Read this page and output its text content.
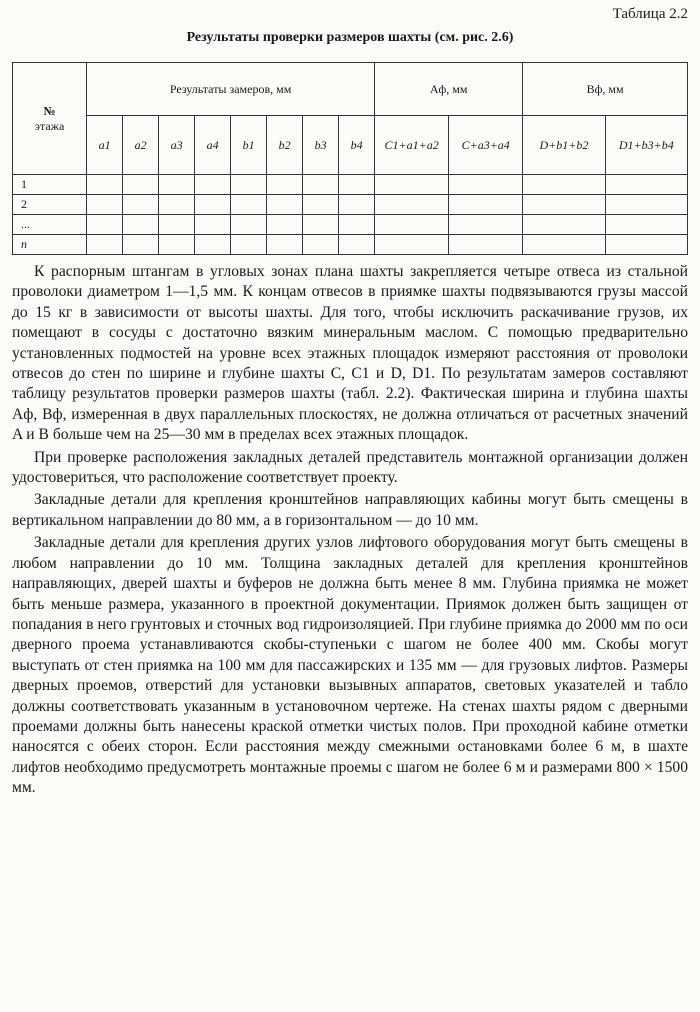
Таблица 2.2
Результаты проверки размеров шахты (см. рис. 2.6)
№
этажа	Результаты замеров, мм								Aф, мм		Bф, мм	
	a1	a2	a3	a4	b1	b2	b3	b4	C1+a1+a2	C+a3+a4	D+b1+b2	D1+b3+b4
1												
2												
...												
n												

К распорным штангам в угловых зонах плана шахты закрепляется четыре отвеса из стальной проволоки диаметром 1—1,5 мм. К концам отвесов в приямке шахты подвязываются грузы массой до 15 кг в зависимости от высоты шахты. Для того, чтобы исключить раскачивание грузов, их помещают в сосуды с достаточно вязким минеральным маслом. С помощью предварительно установленных подмостей на уровне всех этажных площадок измеряют расстояния от проволоки отвесов до стен по ширине и глубине шахты C, C1 и D, D1. По результатам замеров составляют таблицу результатов проверки размеров шахты (табл. 2.2). Фактическая ширина и глубина шахты Aф, Bф, измеренная в двух параллельных плоскостях, не должна отличаться от расчетных значений A и B больше чем на 25—30 мм в пределах всех этажных площадок.

При проверке расположения закладных деталей представитель монтажной организации должен удостовериться, что расположение соответствует проекту.

Закладные детали для крепления кронштейнов направляющих кабины могут быть смещены в вертикальном направлении до 80 мм, а в горизонтальном — до 10 мм.

Закладные детали для крепления других узлов лифтового оборудования могут быть смещены в любом направлении до 10 мм. Толщина закладных деталей для крепления кронштейнов направляющих, дверей шахты и буферов не должна быть менее 8 мм. Глубина приямка не может быть меньше размера, указанного в проектной документации. Приямок должен быть защищен от попадания в него грунтовых и сточных вод гидроизоляцией. При глубине приямка до 2000 мм по оси дверного проема устанавливаются скобы-ступеньки с шагом не более 400 мм. Скобы могут выступать от стен приямка на 100 мм для пассажирских и 135 мм — для грузовых лифтов. Размеры дверных проемов, отверстий для установки вызывных аппаратов, световых указателей и табло должны соответствовать указанным в установочном чертеже. На стенах шахты рядом с дверными проемами должны быть нанесены краской отметки чистых полов. При проходной кабине отметки наносятся с обеих сторон. Если расстояния между смежными остановками более 6 м, в шахте лифтов необходимо предусмотреть монтажные проемы с шагом не более 6 м и размерами 800 × 1500 мм.
